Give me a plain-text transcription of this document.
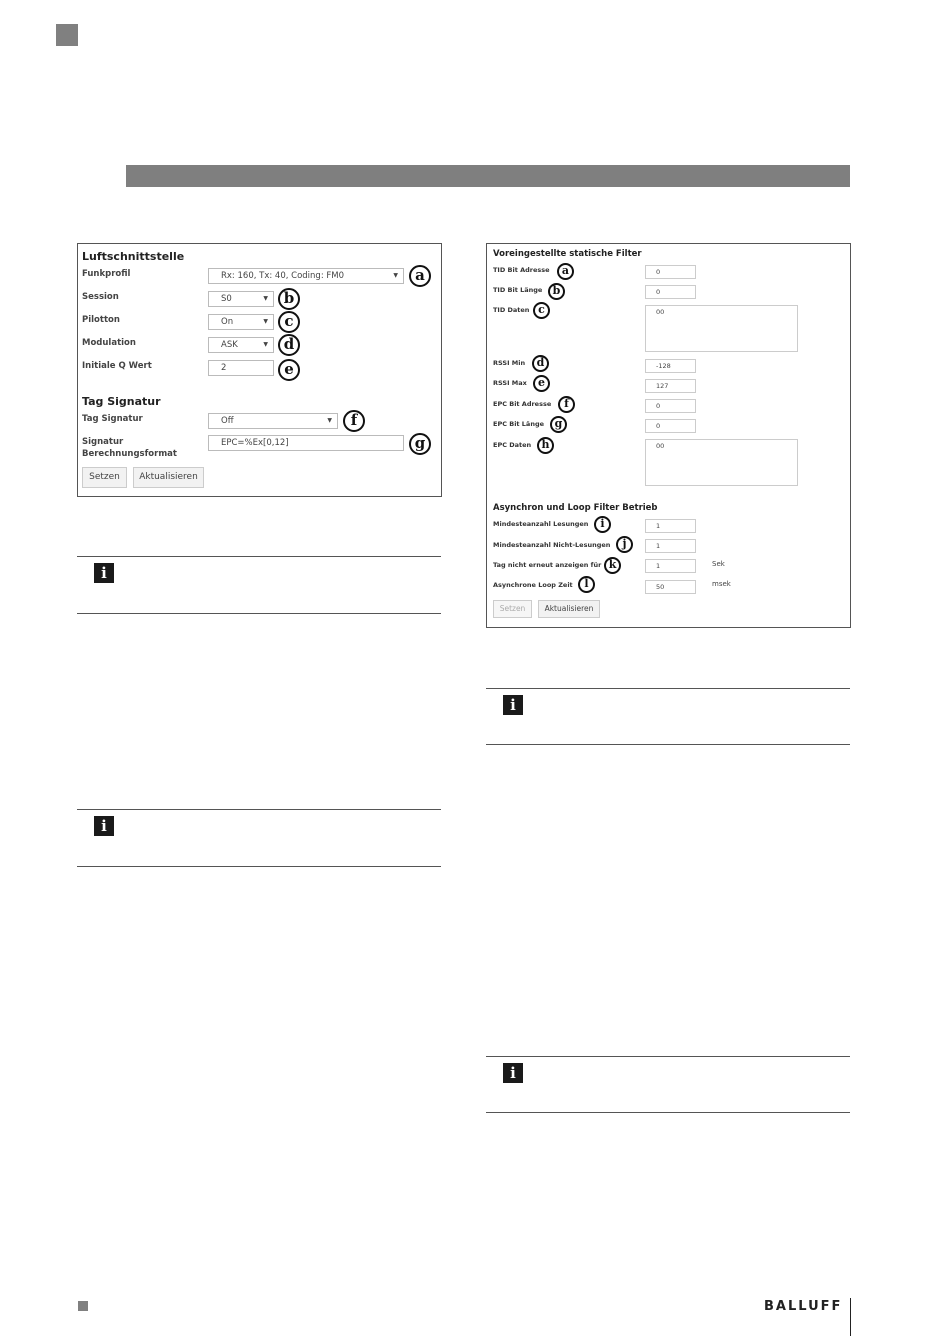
Luftschnittstelle
Funkprofil	Rx: 160, Tx: 40, Coding: FM0	▼	a
Session	S0	▼	b
Pilotton	On	▼	c
Modulation	ASK	▼	d
Initiale Q Wert	2	e
Tag Signatur
Tag Signatur	Off	▼	f
Signatur
Berechnungsformat
EPC=%Ex[0,12]	g
Setzen	Aktualisieren
i
i
Voreingestellte statische Filter
TID Bit Adresse	a	0
TID Bit Länge b	0
TID Daten c	00
RSSI Min	d	-128
RSSI Max	e	127
EPC Bit Adresse	f	0
EPC Bit Länge g	0
EPC Daten h	00
Asynchron und Loop Filter Betrieb
Mindesteanzahl Lesungen	i	1
Mindesteanzahl Nicht-Lesungen	j	1
Tag nicht erneut anzeigen für k	1	Sek
Asynchrone Loop Zeit	l	50	msek
Setzen	Aktualisieren
i
i
BALLUFF
